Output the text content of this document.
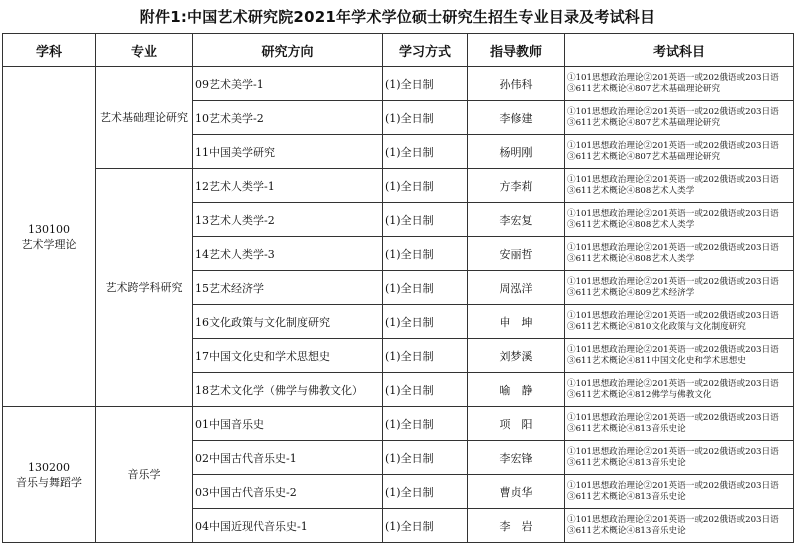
附件1:中国艺术研究院2021年学术学位硕士研究生招生专业目录及考试科目
学科	专业	研究方向	学习方式	指导教师	考试科目

130100
艺术学理论	艺术基础理论研究	09艺术美学-1	(1)全日制	孙伟科	①101思想政治理论②201英语一或202俄语或203日语③611艺术概论④807艺术基础理论研究
		10艺术美学-2	(1)全日制	李修建	①101思想政治理论②201英语一或202俄语或203日语③611艺术概论④807艺术基础理论研究
		11中国美学研究	(1)全日制	杨明刚	①101思想政治理论②201英语一或202俄语或203日语③611艺术概论④807艺术基础理论研究
	艺术跨学科研究	12艺术人类学-1	(1)全日制	方李莉	①101思想政治理论②201英语一或202俄语或203日语③611艺术概论④808艺术人类学
		13艺术人类学-2	(1)全日制	李宏复	①101思想政治理论②201英语一或202俄语或203日语③611艺术概论④808艺术人类学
		14艺术人类学-3	(1)全日制	安丽哲	①101思想政治理论②201英语一或202俄语或203日语③611艺术概论④808艺术人类学
		15艺术经济学	(1)全日制	周泓洋	①101思想政治理论②201英语一或202俄语或203日语③611艺术概论④809艺术经济学
		16文化政策与文化制度研究	(1)全日制	申　坤	①101思想政治理论②201英语一或202俄语或203日语③611艺术概论④810文化政策与文化制度研究
		17中国文化史和学术思想史	(1)全日制	刘梦溪	①101思想政治理论②201英语一或202俄语或203日语③611艺术概论④811中国文化史和学术思想史
		18艺术文化学（佛学与佛教文化）	(1)全日制	喻　静	①101思想政治理论②201英语一或202俄语或203日语③611艺术概论④812佛学与佛教文化

130200
音乐与舞蹈学	音乐学	01中国音乐史	(1)全日制	项　阳	①101思想政治理论②201英语一或202俄语或203日语③611艺术概论④813音乐史论
		02中国古代音乐史-1	(1)全日制	李宏锋	①101思想政治理论②201英语一或202俄语或203日语③611艺术概论④813音乐史论
		03中国古代音乐史-2	(1)全日制	曹贞华	①101思想政治理论②201英语一或202俄语或203日语③611艺术概论④813音乐史论
		04中国近现代音乐史-1	(1)全日制	李　岩	①101思想政治理论②201英语一或202俄语或203日语③611艺术概论④813音乐史论
